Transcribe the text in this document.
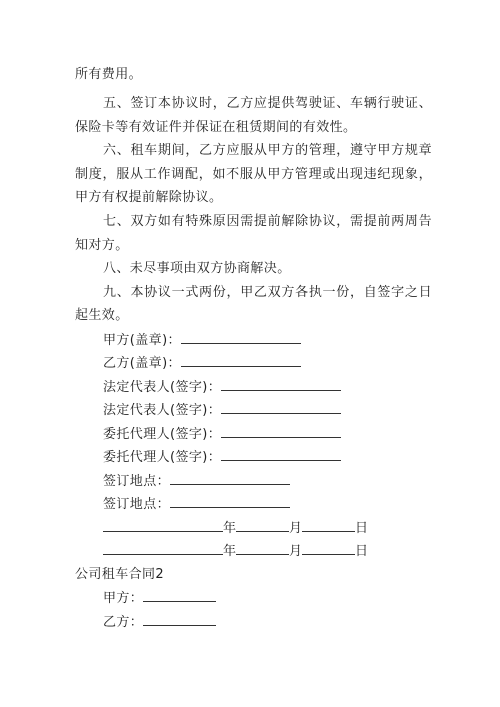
所有费用。
五、签订本协议时，乙方应提供驾驶证、车辆行驶证、
保险卡等有效证件并保证在租赁期间的有效性。
六、租车期间，乙方应服从甲方的管理，遵守甲方规章
制度，服从工作调配，如不服从甲方管理或出现违纪现象，
甲方有权提前解除协议。
七、双方如有特殊原因需提前解除协议，需提前两周告
知对方。
八、未尽事项由双方协商解决。
九、本协议一式两份，甲乙双方各执一份，自签字之日
起生效。
甲方(盖章)：
乙方(盖章)：
法定代表人(签字)：
法定代表人(签字)：
委托代理人(签字)：
委托代理人(签字)：
签订地点：
签订地点：
年	月	日
年	月	日
公司租车合同2
甲方：
乙方：
